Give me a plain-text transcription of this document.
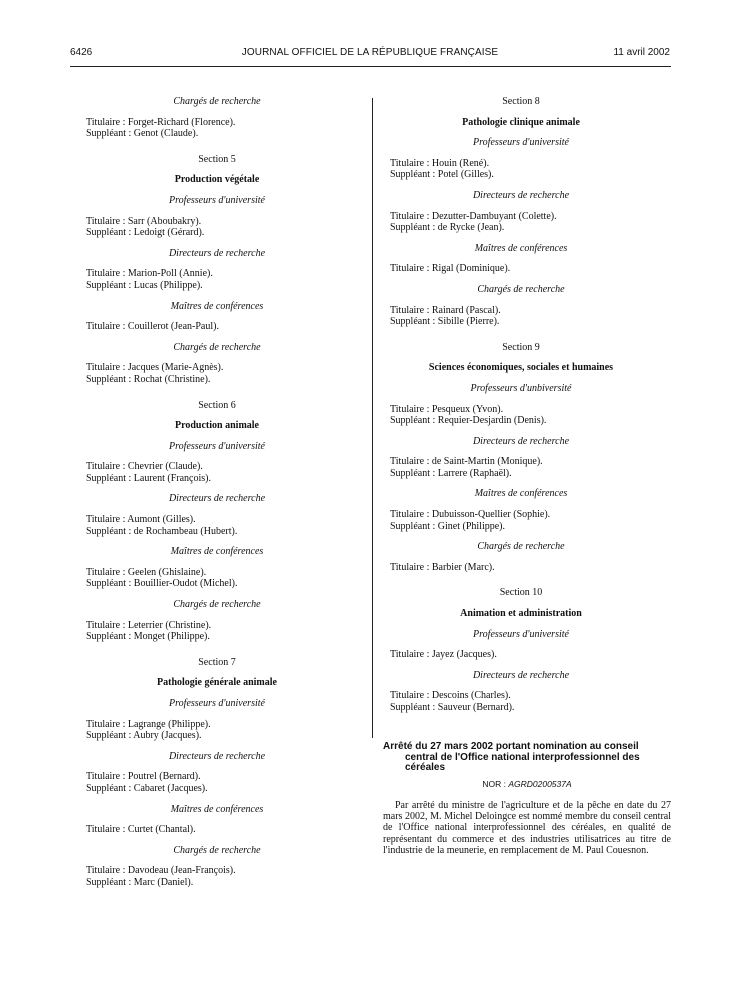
6426	JOURNAL OFFICIEL DE LA RÉPUBLIQUE FRANÇAISE	11 avril 2002
Chargés de recherche
Titulaire : Forget-Richard (Florence).
Suppléant : Genot (Claude).
Section 5
Production végétale
Professeurs d'université
Titulaire : Sarr (Aboubakry).
Suppléant : Ledoigt (Gérard).
Directeurs de recherche
Titulaire : Marion-Poll (Annie).
Suppléant : Lucas (Philippe).
Maîtres de conférences
Titulaire : Couillerot (Jean-Paul).
Chargés de recherche
Titulaire : Jacques (Marie-Agnès).
Suppléant : Rochat (Christine).
Section 6
Production animale
Professeurs d'université
Titulaire : Chevrier (Claude).
Suppléant : Laurent (François).
Directeurs de recherche
Titulaire : Aumont (Gilles).
Suppléant : de Rochambeau (Hubert).
Maîtres de conférences
Titulaire : Geelen (Ghislaine).
Suppléant : Bouillier-Oudot (Michel).
Chargés de recherche
Titulaire : Leterrier (Christine).
Suppléant : Monget (Philippe).
Section 7
Pathologie générale animale
Professeurs d'université
Titulaire : Lagrange (Philippe).
Suppléant : Aubry (Jacques).
Directeurs de recherche
Titulaire : Poutrel (Bernard).
Suppléant : Cabaret (Jacques).
Maîtres de conférences
Titulaire : Curtet (Chantal).
Chargés de recherche
Titulaire : Davodeau (Jean-François).
Suppléant : Marc (Daniel).
Section 8
Pathologie clinique animale
Professeurs d'université
Titulaire : Houin (René).
Suppléant : Potel (Gilles).
Directeurs de recherche
Titulaire : Dezutter-Dambuyant (Colette).
Suppléant : de Rycke (Jean).
Maîtres de conférences
Titulaire : Rigal (Dominique).
Chargés de recherche
Titulaire : Rainard (Pascal).
Suppléant : Sibille (Pierre).
Section 9
Sciences économiques, sociales et humaines
Professeurs d'unbiversité
Titulaire : Pesqueux (Yvon).
Suppléant : Requier-Desjardin (Denis).
Directeurs de recherche
Titulaire : de Saint-Martin (Monique).
Suppléant : Larrere (Raphaël).
Maîtres de conférences
Titulaire : Dubuisson-Quellier (Sophie).
Suppléant : Ginet (Philippe).
Chargés de recherche
Titulaire : Barbier (Marc).
Section 10
Animation et administration
Professeurs d'université
Titulaire : Jayez (Jacques).
Directeurs de recherche
Titulaire : Descoins (Charles).
Suppléant : Sauveur (Bernard).
Arrêté du 27 mars 2002 portant nomination au conseil

central de l'Office national interprofessionnel des
céréales
NOR : AGRD0200537A
Par arrêté du ministre de l'agriculture et de la pêche en date du 27 mars 2002, M. Michel Deloingce est nommé membre du conseil central de l'Office national interprofessionnel des céréales, en qualité de représentant du commerce et des industries utilisatrices au titre de l'industrie de la meunerie, en remplacement de M. Paul Couesnon.
